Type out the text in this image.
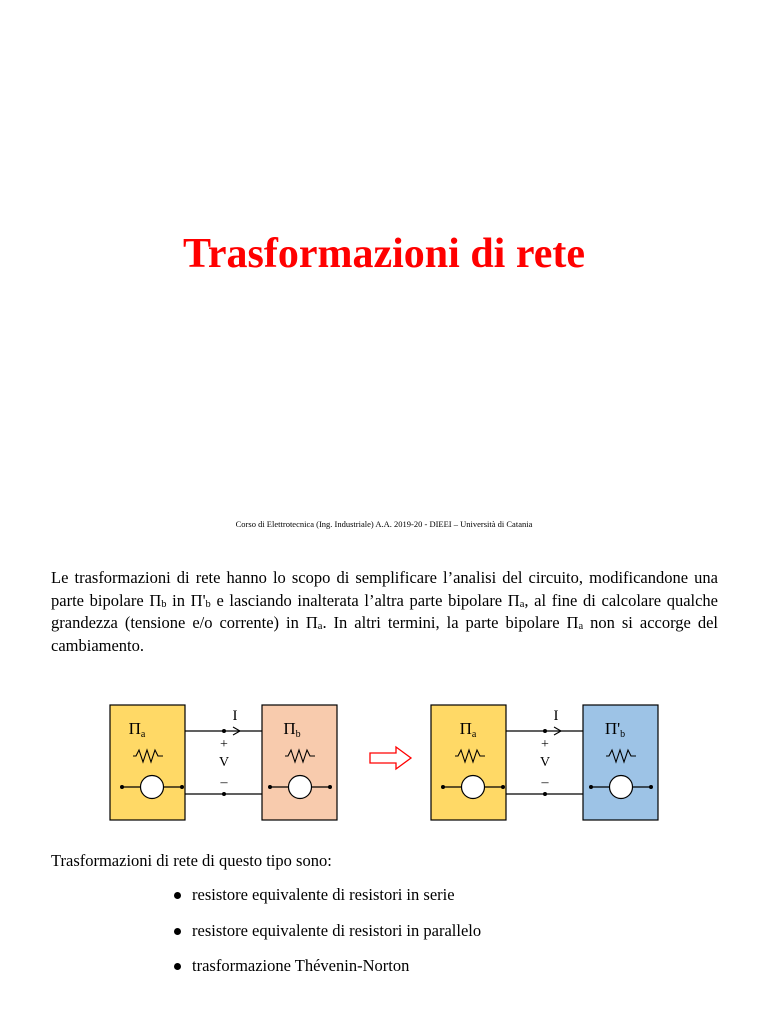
Trasformazioni di rete
Corso di Elettrotecnica (Ing. Industriale) A.A. 2019-20 - DIEEI – Università di Catania

Le trasformazioni di rete hanno lo scopo di semplificare l’analisi del circuito, modificandone una parte bipolare $\Pi_b$ in $\Pi'_b$ e lasciando inalterata l’altra parte bipolare $\Pi_a$, al fine di calcolare qualche grandezza (tensione e/o corrente) in $\Pi_a$. In altri termini, la parte bipolare $\Pi_a$ non si accorge del cambiamento.

I
+
V
–
Πa	Πb
I
+
V
–
Πa	Π'b

Trasformazioni di rete di questo tipo sono:

resistore equivalente di resistori in serie
resistore equivalente di resistori in parallelo
trasformazione Thévenin-Norton
